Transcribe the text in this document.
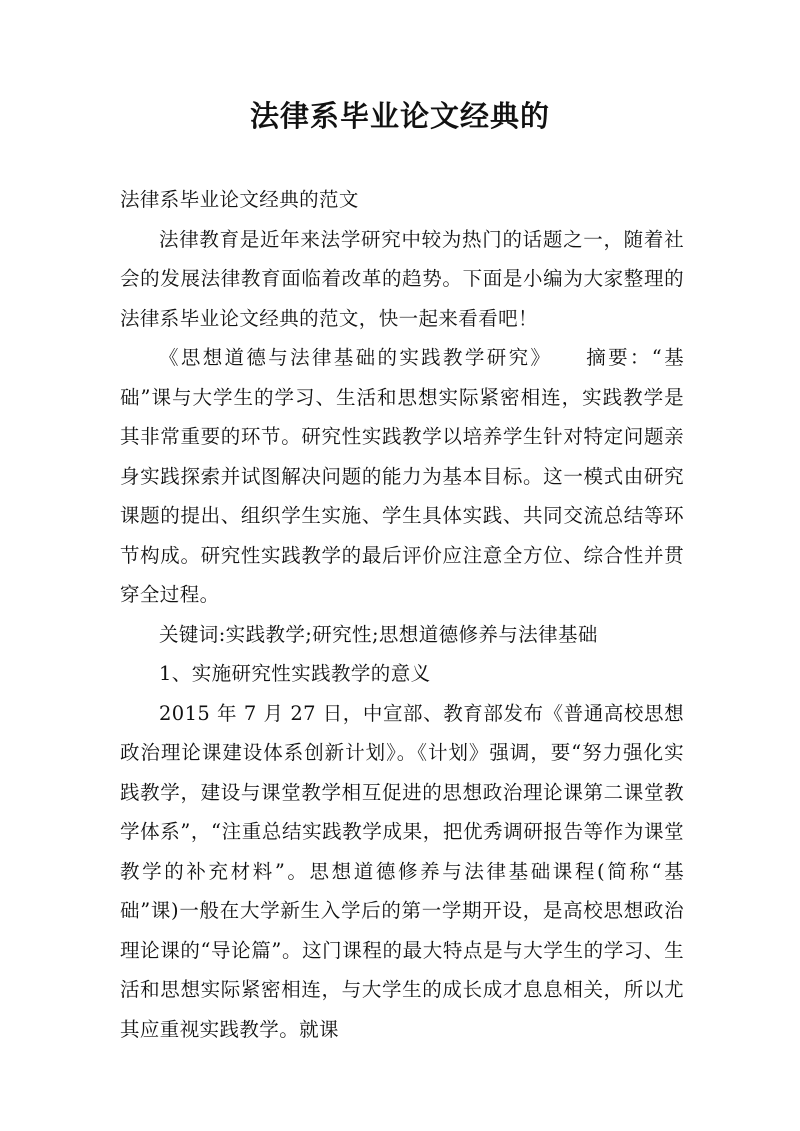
法律系毕业论文经典的

法律系毕业论文经典的范文

法律教育是近年来法学研究中较为热门的话题之一，随着社会的发展法律教育面临着改革的趋势。下面是小编为大家整理的法律系毕业论文经典的范文，快一起来看看吧！

《思想道德与法律基础的实践教学研究》　　摘要：“基础”课与大学生的学习、生活和思想实际紧密相连，实践教学是其非常重要的环节。研究性实践教学以培养学生针对特定问题亲身实践探索并试图解决问题的能力为基本目标。这一模式由研究课题的提出、组织学生实施、学生具体实践、共同交流总结等环节构成。研究性实践教学的最后评价应注意全方位、综合性并贯穿全过程。

关键词:实践教学;研究性;思想道德修养与法律基础

1、实施研究性实践教学的意义

2015 年 7 月 27 日，中宣部、教育部发布《普通高校思想政治理论课建设体系创新计划》。《计划》强调，要“努力强化实践教学，建设与课堂教学相互促进的思想政治理论课第二课堂教学体系”，“注重总结实践教学成果，把优秀调研报告等作为课堂教学的补充材料”。思想道德修养与法律基础课程(简称“基础”课)一般在大学新生入学后的第一学期开设，是高校思想政治理论课的“导论篇”。这门课程的最大特点是与大学生的学习、生活和思想实际紧密相连，与大学生的成长成才息息相关，所以尤其应重视实践教学。就课
